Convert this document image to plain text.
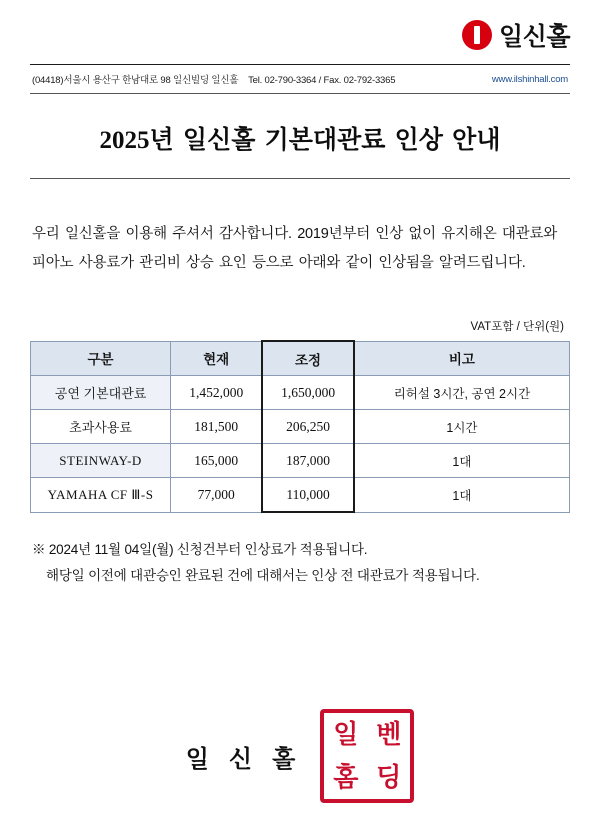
일신홀
(04418)서울시 용산구 한남대로 98 일신빌딩 일신홀 Tel. 02-790-3364 / Fax. 02-792-3365	www.ilshinhall.com
2025년 일신홀 기본대관료 인상 안내

우리 일신홀을 이용해 주셔서 감사합니다. 2019년부터 인상 없이 유지해온 대관료와 피아노 사용료가 관리비 상승 요인 등으로 아래와 같이 인상됨을 알려드립니다.

VAT포함 / 단위(원)
구분	현재	조정	비고
공연 기본대관료	1,452,000	1,650,000	리허설 3시간, 공연 2시간
초과사용료	181,500	206,250	1시간
STEINWAY-D	165,000	187,000	1대
YAMAHA CF Ⅲ-S	77,000	110,000	1대
※ 2024년 11월 04일(월) 신청건부터 인상료가 적용됩니다.
해당일 이전에 대관승인 완료된 건에 대해서는 인상 전 대관료가 적용됩니다.
일 신 홀
일 벤
홈 딩
